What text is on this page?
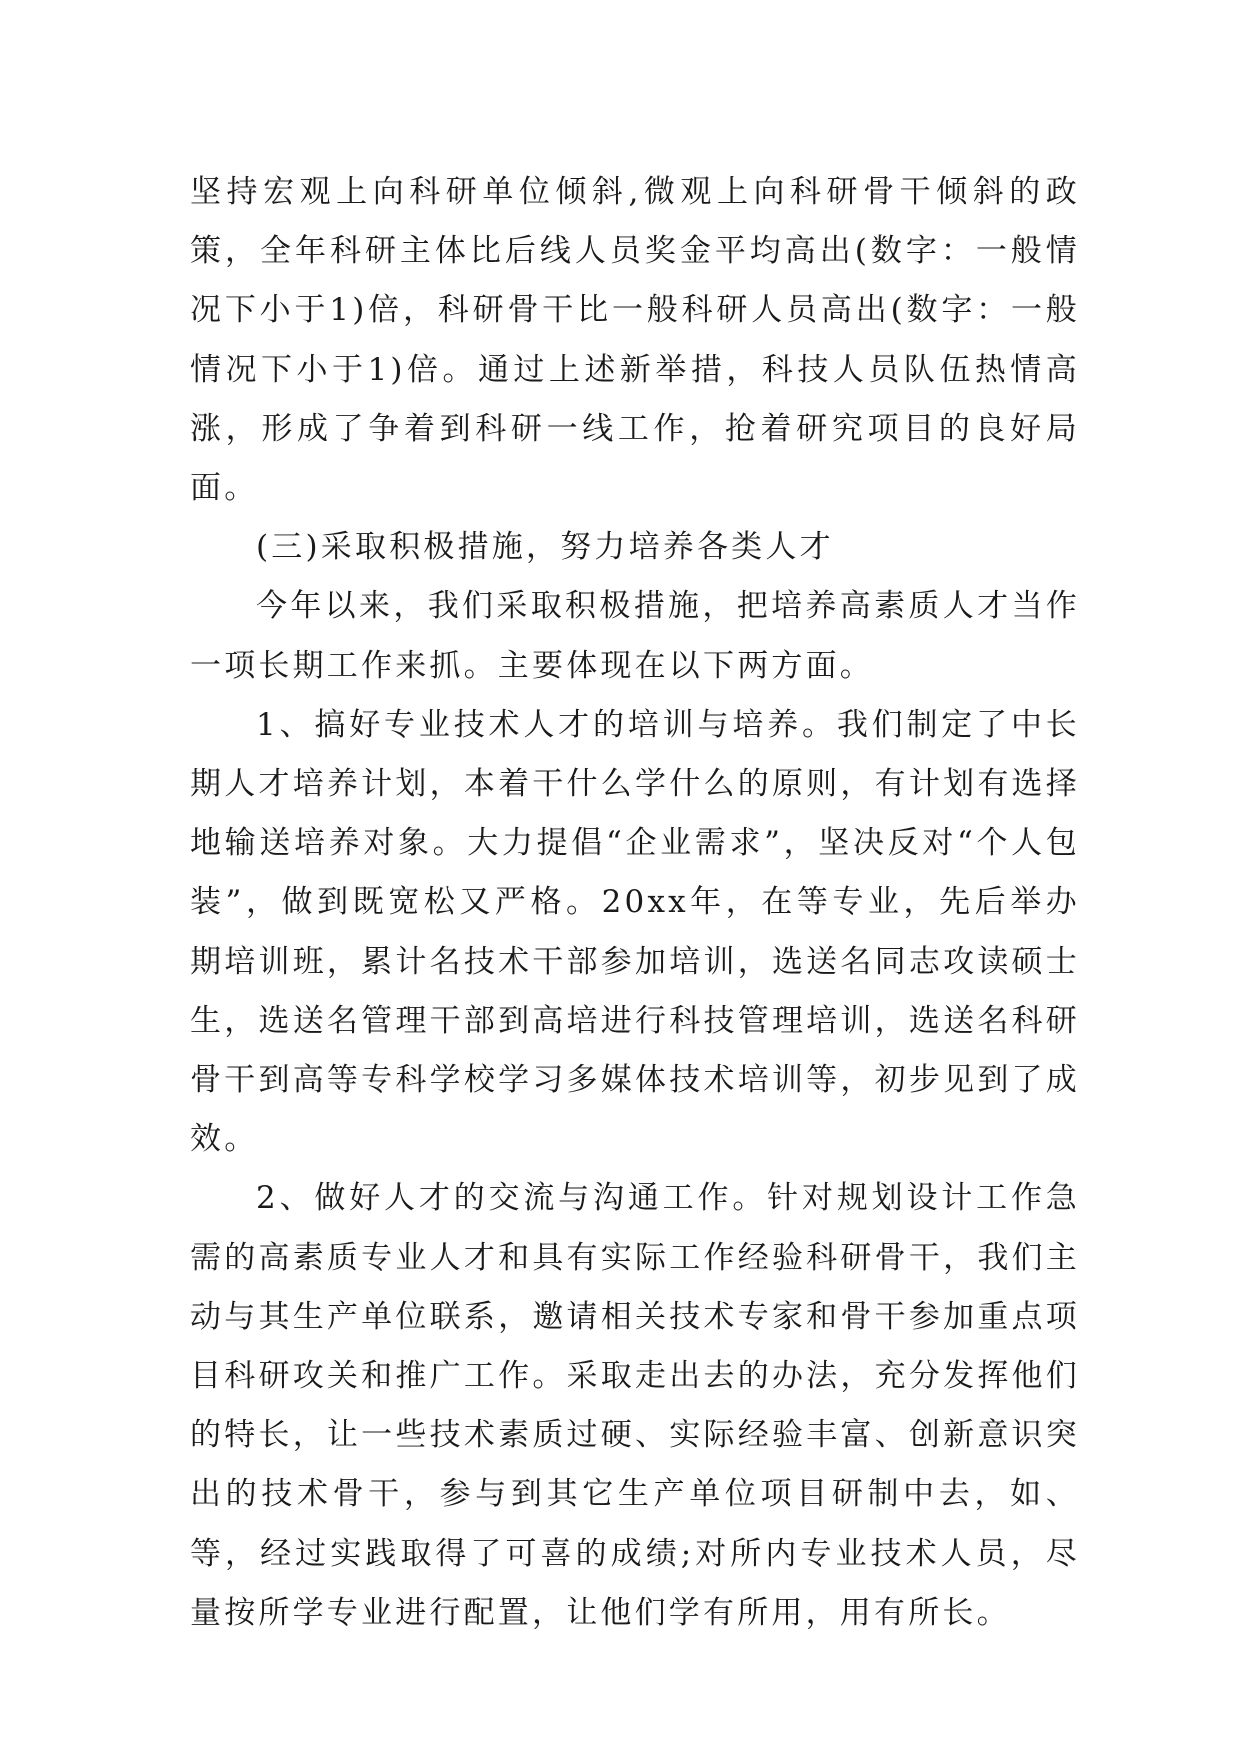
坚持宏观上向科研单位倾斜,微观上向科研骨干倾斜的政策，全年科研主体比后线人员奖金平均高出(数字：一般情况下小于1)倍，科研骨干比一般科研人员高出(数字：一般情况下小于1)倍。通过上述新举措，科技人员队伍热情高涨，形成了争着到科研一线工作，抢着研究项目的良好局面。

(三)采取积极措施，努力培养各类人才

今年以来，我们采取积极措施，把培养高素质人才当作一项长期工作来抓。主要体现在以下两方面。

1、搞好专业技术人才的培训与培养。我们制定了中长期人才培养计划，本着干什么学什么的原则，有计划有选择地输送培养对象。大力提倡“企业需求”，坚决反对“个人包装”，做到既宽松又严格。20xx年，在等专业，先后举办期培训班，累计名技术干部参加培训，选送名同志攻读硕士生，选送名管理干部到高培进行科技管理培训，选送名科研骨干到高等专科学校学习多媒体技术培训等，初步见到了成效。

2、做好人才的交流与沟通工作。针对规划设计工作急需的高素质专业人才和具有实际工作经验科研骨干，我们主动与其生产单位联系，邀请相关技术专家和骨干参加重点项目科研攻关和推广工作。采取走出去的办法，充分发挥他们的特长，让一些技术素质过硬、实际经验丰富、创新意识突出的技术骨干，参与到其它生产单位项目研制中去，如、等，经过实践取得了可喜的成绩;对所内专业技术人员，尽量按所学专业进行配置，让他们学有所用，用有所长。
